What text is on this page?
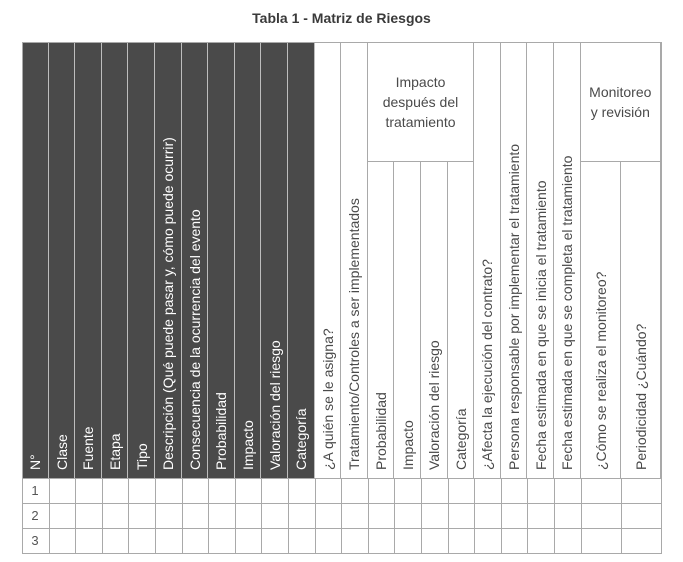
Tabla 1 - Matriz de Riesgos
N° Clase Fuente Etapa Tipo Descripción (Qué puede pasar y, cómo puede ocurrir) Consecuencia de la ocurrencia del evento Probabilidad Impacto Valoración del riesgo Categoría ¿A quién se le asigna? Tratamiento/Controles a ser implementados
Impacto después del tratamiento
Probabilidad Impacto Valoración del riesgo Categoría ¿Afecta la ejecución del contrato? Persona responsable por implementar el tratamiento Fecha estimada en que se inicia el tratamiento Fecha estimada en que se completa el tratamiento
Monitoreo y revisión
¿Cómo se realiza el monitoreo? Periodicidad ¿Cuándo?
1
2
3
